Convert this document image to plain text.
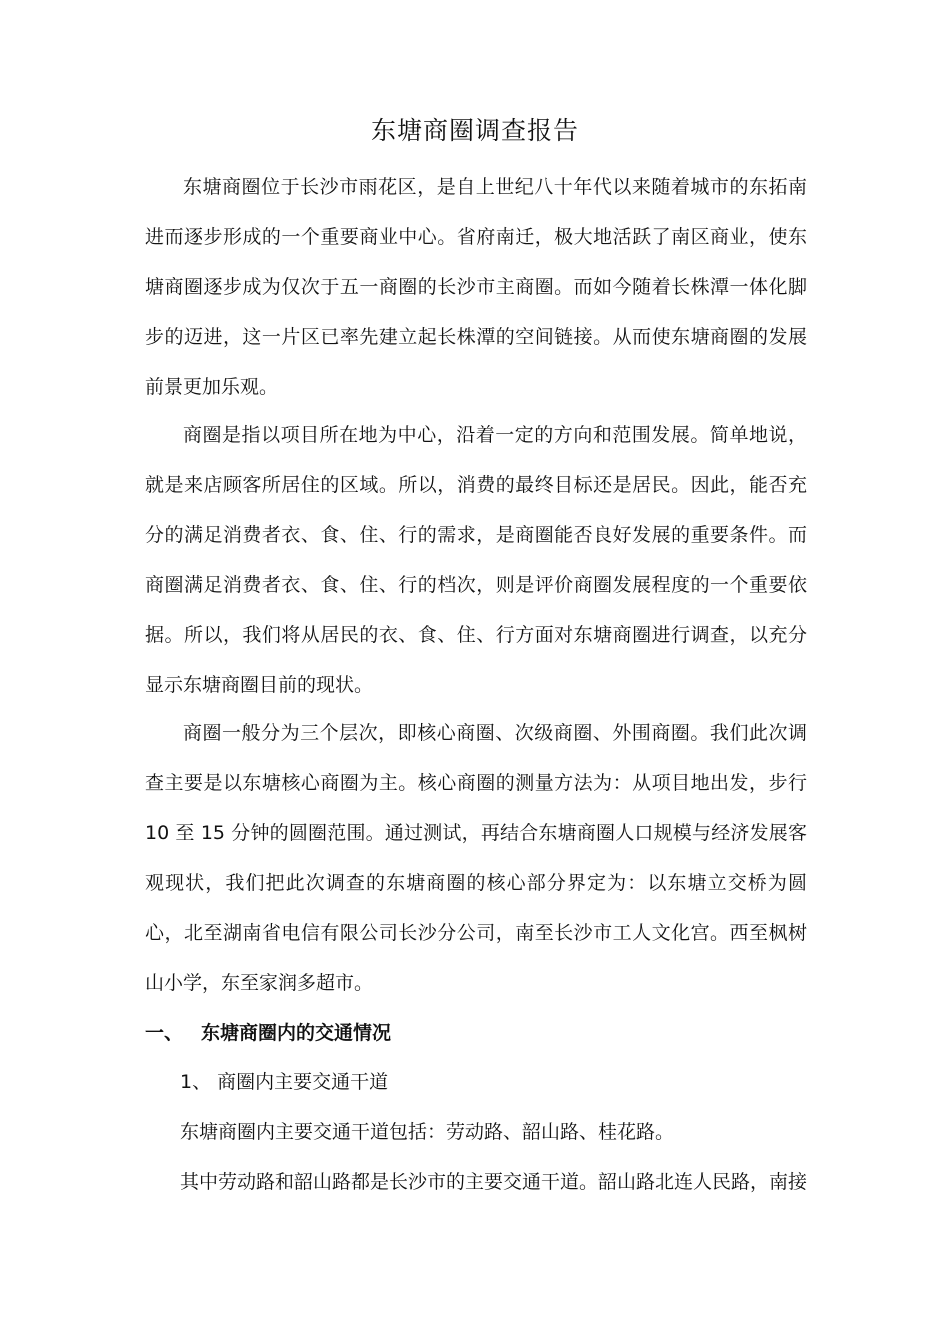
东塘商圈调查报告

东塘商圈位于长沙市雨花区，是自上世纪八十年代以来随着城市的东拓南进而逐步形成的一个重要商业中心。省府南迁，极大地活跃了南区商业，使东塘商圈逐步成为仅次于五一商圈的长沙市主商圈。而如今随着长株潭一体化脚步的迈进，这一片区已率先建立起长株潭的空间链接。从而使东塘商圈的发展前景更加乐观。

商圈是指以项目所在地为中心，沿着一定的方向和范围发展。简单地说，就是来店顾客所居住的区域。所以，消费的最终目标还是居民。因此，能否充分的满足消费者衣、食、住、行的需求，是商圈能否良好发展的重要条件。而商圈满足消费者衣、食、住、行的档次，则是评价商圈发展程度的一个重要依据。所以，我们将从居民的衣、食、住、行方面对东塘商圈进行调查，以充分显示东塘商圈目前的现状。

商圈一般分为三个层次，即核心商圈、次级商圈、外围商圈。我们此次调查主要是以东塘核心商圈为主。核心商圈的测量方法为：从项目地出发，步行 10 至 15 分钟的圆圈范围。通过测试，再结合东塘商圈人口规模与经济发展客观现状，我们把此次调查的东塘商圈的核心部分界定为：以东塘立交桥为圆心，北至湖南省电信有限公司长沙分公司，南至长沙市工人文化宫。西至枫树山小学，东至家润多超市。

一、 东塘商圈内的交通情况
1、 商圈内主要交通干道
东塘商圈内主要交通干道包括：劳动路、韶山路、桂花路。

其中劳动路和韶山路都是长沙市的主要交通干道。韶山路北连人民路，南接
